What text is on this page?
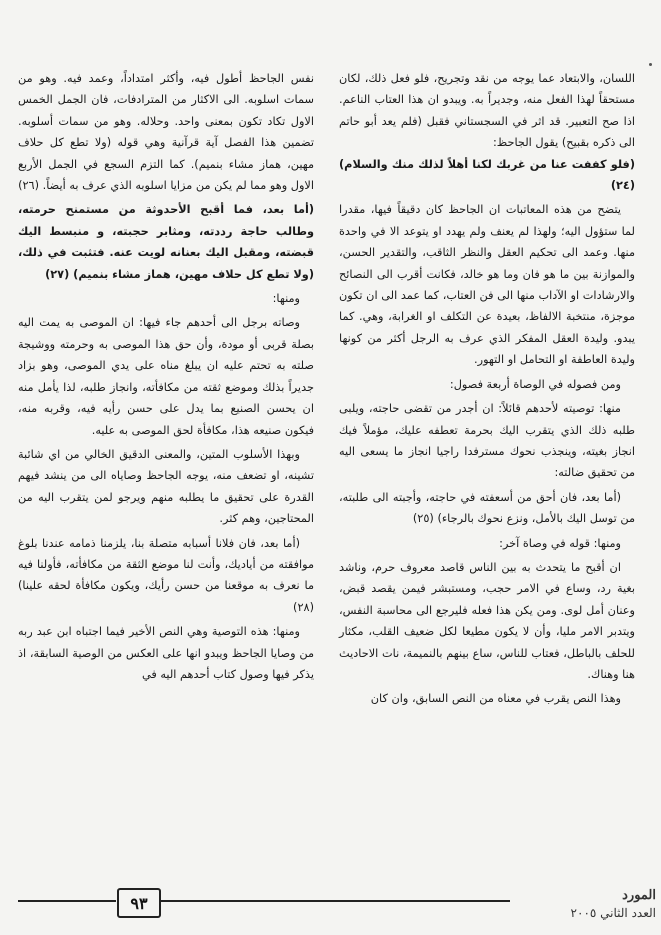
اللسان، والابتعاد عما يوجه من نقد وتجريح، فلو فعل ذلك، لكان مستحقاً لهذا الفعل منه، وجديراً به. ويبدو ان هذا العتاب الناعم. اذا صح التعبير. قد اثر في السجستاني فقبل (فلم يعد أبو حاتم الى ذكره بقبيح) يقول الجاحظ:

(فلو كففت عنا من غربك لكنا أهلاً لذلك منك والسلام) (٢٤)

يتضح من هذه المعاتبات ان الجاحظ كان دقيقاً فيها، مقدرا لما ستؤول اليه؛ ولهذا لم يعنف ولم يهدد او يتوعد الا في واحدة منها. وعمد الى تحكيم العقل والنظر الثاقب، والتقدير الحسن، والموازنة بين ما هو فان وما هو خالد، فكانت أقرب الى النصائح والارشادات او الآداب منها الى فن العتاب، كما عمد الى ان تكون موجزة، منتخبة الالفاظ، بعيدة عن التكلف او الغرابة، وهي. كما يبدو. وليدة العقل المفكر الذي عرف به الرجل أكثر من كونها وليدة العاطفة او التحامل او التهور.

ومن فصوله في الوصاة أربعة فصول:

منها: توصيته لأحدهم قائلاً: ان أجدر من تقضى حاجته، ويلبى طلبه ذلك الذي يتقرب اليك بحرمة تعطفه عليك، مؤملاً فيك انجاز بغيته، وينجذب نحوك مسترفدا راجيا انجاز ما يسعى اليه من تحقيق ضالته:

(أما بعد، فان أحق من أسعفته في حاجته، وأجبته الى طلبته، من توسل اليك بالأمل، ونزع نحوك بالرجاء) (٢٥)

ومنها: قوله في وصاة آخر:

ان أقبح ما يتحدث به بين الناس قاصد معروف حرم، وناشد بغية رد، وساع في الامر حجب، ومستبشر فيمن يقصد قبض، وعنان أمل لوى. ومن يكن هذا فعله فليرجع الى محاسبة النفس، ويتدبر الامر مليا، وأن لا يكون مطيعا لكل ضعيف القلب، مكثار للحلف بالباطل، فعتاب للناس، ساع بينهم بالنميمة، نات الاحاديث هنا وهناك.

وهذا النص يقرب في معناه من النص السابق، وان كان

نفس الجاحظ أطول فيه، وأكثر امتداداً، وعمد فيه. وهو من سمات اسلوبه. الى الاكثار من المترادفات، فان الجمل الخمس الاول تكاد تكون بمعنى واحد. وحلاله. وهو من سمات أسلوبه. تضمين هذا الفصل آية قرآنية وهي قوله (ولا تطع كل حلاف مهين، هماز مشاء بنميم). كما التزم السجع في الجمل الأربع الاول وهو مما لم يكن من مزايا اسلوبه الذي عرف به أيضاً. (٢٦)

(أما بعد، فما أقبح الأحدوثة من مستمنح حرمته، وطالب حاجة رددته، ومثابر حجبته، و منبسط اليك قبضته، ومقبل اليك بعنانه لويت عنه. فتثبت في ذلك، (ولا تطع كل حلاف مهين، هماز مشاء بنميم) (٢٧)

ومنها:

وصاته برجل الى أحدهم جاء فيها: ان الموصى به يمت اليه بصلة قربى أو مودة، وأن حق هذا الموصى به وحرمته ووشيجة صلته به تحتم عليه ان يبلغ مناه على يدي الموصى، وهو بزاد جديراً بذلك وموضع ثقته من مكافأته، وانجاز طلبه، لذا يأمل منه ان يحسن الصنيع بما يدل على حسن رأيه فيه، وقربه منه، فيكون صنيعه هذا، مكافأة لحق الموصى به عليه.

وبهذا الأسلوب المتين، والمعنى الدقيق الخالي من اي شائبة تشينه، او تضعف منه، يوجه الجاحظ وصاياه الى من ينشد فيهم القدرة على تحقيق ما يطلبه منهم ويرجو لمن يتقرب اليه من المحتاجين، وهم كثر.

(أما بعد، فان فلانا أسبابه متصلة بنا، يلزمنا ذمامه عندنا بلوغ موافقته من أياديك، وأنت لنا موضع الثقة من مكافأته، فأولنا فيه ما نعرف به موقعنا من حسن رأيك، ويكون مكافأة لحقه علينا) (٢٨)

ومنها: هذه التوصية وهي النص الأخير فيما اجتباه ابن عبد ربه من وصايا الجاحظ ويبدو انها على العكس من الوصية السابقة، اذ يذكر فيها وصول كتاب أحدهم اليه في

٩٣	المورد
العدد الثاني ٢٠٠٥
